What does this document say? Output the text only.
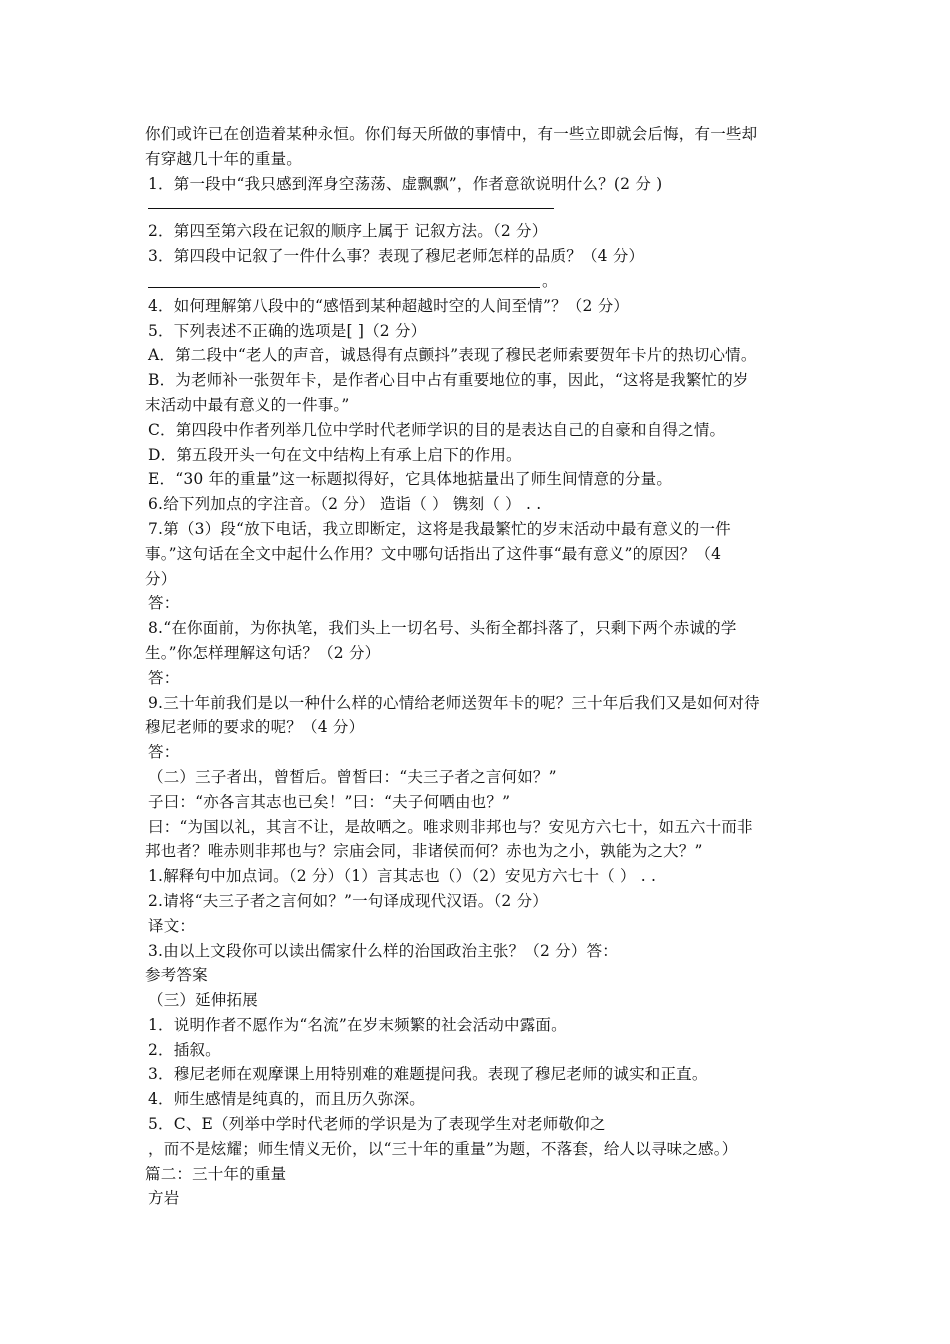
你们或许已在创造着某种永恒。你们每天所做的事情中，有一些立即就会后悔，有一些却
有穿越几十年的重量。
1．第一段中“我只感到浑身空荡荡、虚飘飘”，作者意欲说明什么？(2 分 )
2．第四至第六段在记叙的顺序上属于 记叙方法。（2 分）
3．第四段中记叙了一件什么事？表现了穆尼老师怎样的品质？（4 分）
。
4．如何理解第八段中的“感悟到某种超越时空的人间至情”？（2 分）
5．下列表述不正确的选项是[ ]（2 分）
A．第二段中“老人的声音，诚恳得有点颤抖”表现了穆民老师索要贺年卡片的热切心情。
B．为老师补一张贺年卡，是作者心目中占有重要地位的事，因此，“这将是我繁忙的岁
末活动中最有意义的一件事。”
C．第四段中作者列举几位中学时代老师学识的目的是表达自己的自豪和自得之情。
D．第五段开头一句在文中结构上有承上启下的作用。
E．“30 年的重量”这一标题拟得好，它具体地掂量出了师生间情意的分量。
6.给下列加点的字注音。（2 分） 造诣（ ） 镌刻（ ） . .
7.第（3）段“放下电话，我立即断定，这将是我最繁忙的岁末活动中最有意义的一件
事。”这句话在全文中起什么作用？文中哪句话指出了这件事“最有意义”的原因？（4
分）
答：
8.“在你面前，为你执笔，我们头上一切名号、头衔全都抖落了，只剩下两个赤诚的学
生。”你怎样理解这句话？（2 分）
答：
9.三十年前我们是以一种什么样的心情给老师送贺年卡的呢？三十年后我们又是如何对待
穆尼老师的要求的呢？（4 分）
答：
（二）三子者出，曾皙后。曾皙曰：“夫三子者之言何如？”
子曰：“亦各言其志也已矣！”曰：“夫子何哂由也？”
曰：“为国以礼，其言不让，是故哂之。唯求则非邦也与？安见方六七十，如五六十而非
邦也者？唯赤则非邦也与？宗庙会同，非诸侯而何？赤也为之小，孰能为之大？”
1.解释句中加点词。（2 分）（1）言其志也（）（2）安见方六七十（ ） . .
2.请将“夫三子者之言何如？”一句译成现代汉语。（2 分）
译文：
3.由以上文段你可以读出儒家什么样的治国政治主张？（2 分）答：
参考答案
（三）延伸拓展
1．说明作者不愿作为“名流”在岁末频繁的社会活动中露面。
2．插叙。
3．穆尼老师在观摩课上用特别难的难题提问我。表现了穆尼老师的诚实和正直。
4．师生感情是纯真的，而且历久弥深。
5．C、E（列举中学时代老师的学识是为了表现学生对老师敬仰之
，而不是炫耀；师生情义无价，以“三十年的重量”为题，不落套，给人以寻味之感。）
篇二：三十年的重量
方岩
